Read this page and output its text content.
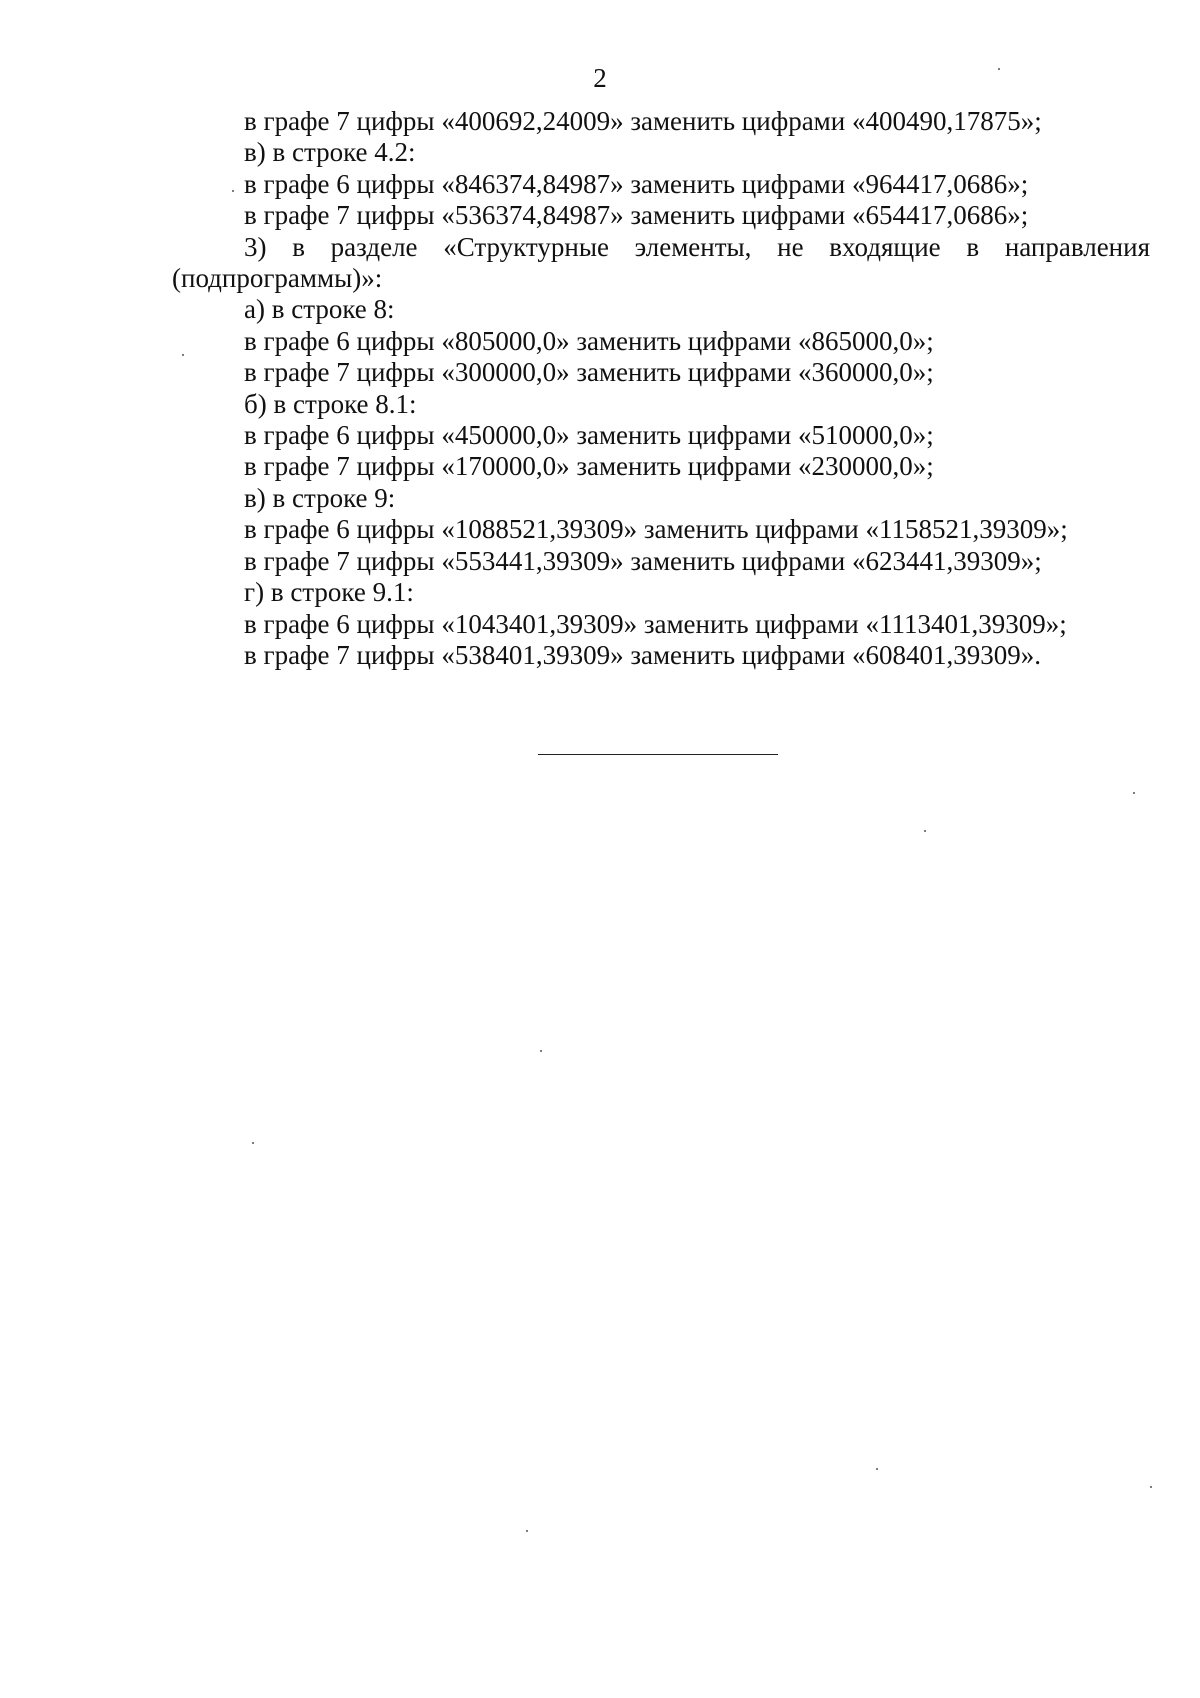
2
в графе 7 цифры «400692,24009» заменить цифрами «400490,17875»;
в) в строке 4.2:
в графе 6 цифры «846374,84987» заменить цифрами «964417,0686»;
в графе 7 цифры «536374,84987» заменить цифрами «654417,0686»;
3) в разделе «Структурные элементы, не входящие в направления
(подпрограммы)»:
а) в строке 8:
в графе 6 цифры «805000,0» заменить цифрами «865000,0»;
в графе 7 цифры «300000,0» заменить цифрами «360000,0»;
б) в строке 8.1:
в графе 6 цифры «450000,0» заменить цифрами «510000,0»;
в графе 7 цифры «170000,0» заменить цифрами «230000,0»;
в) в строке 9:
в графе 6 цифры «1088521,39309» заменить цифрами «1158521,39309»;
в графе 7 цифры «553441,39309» заменить цифрами «623441,39309»;
г) в строке 9.1:
в графе 6 цифры «1043401,39309» заменить цифрами «1113401,39309»;
в графе 7 цифры «538401,39309» заменить цифрами «608401,39309».
